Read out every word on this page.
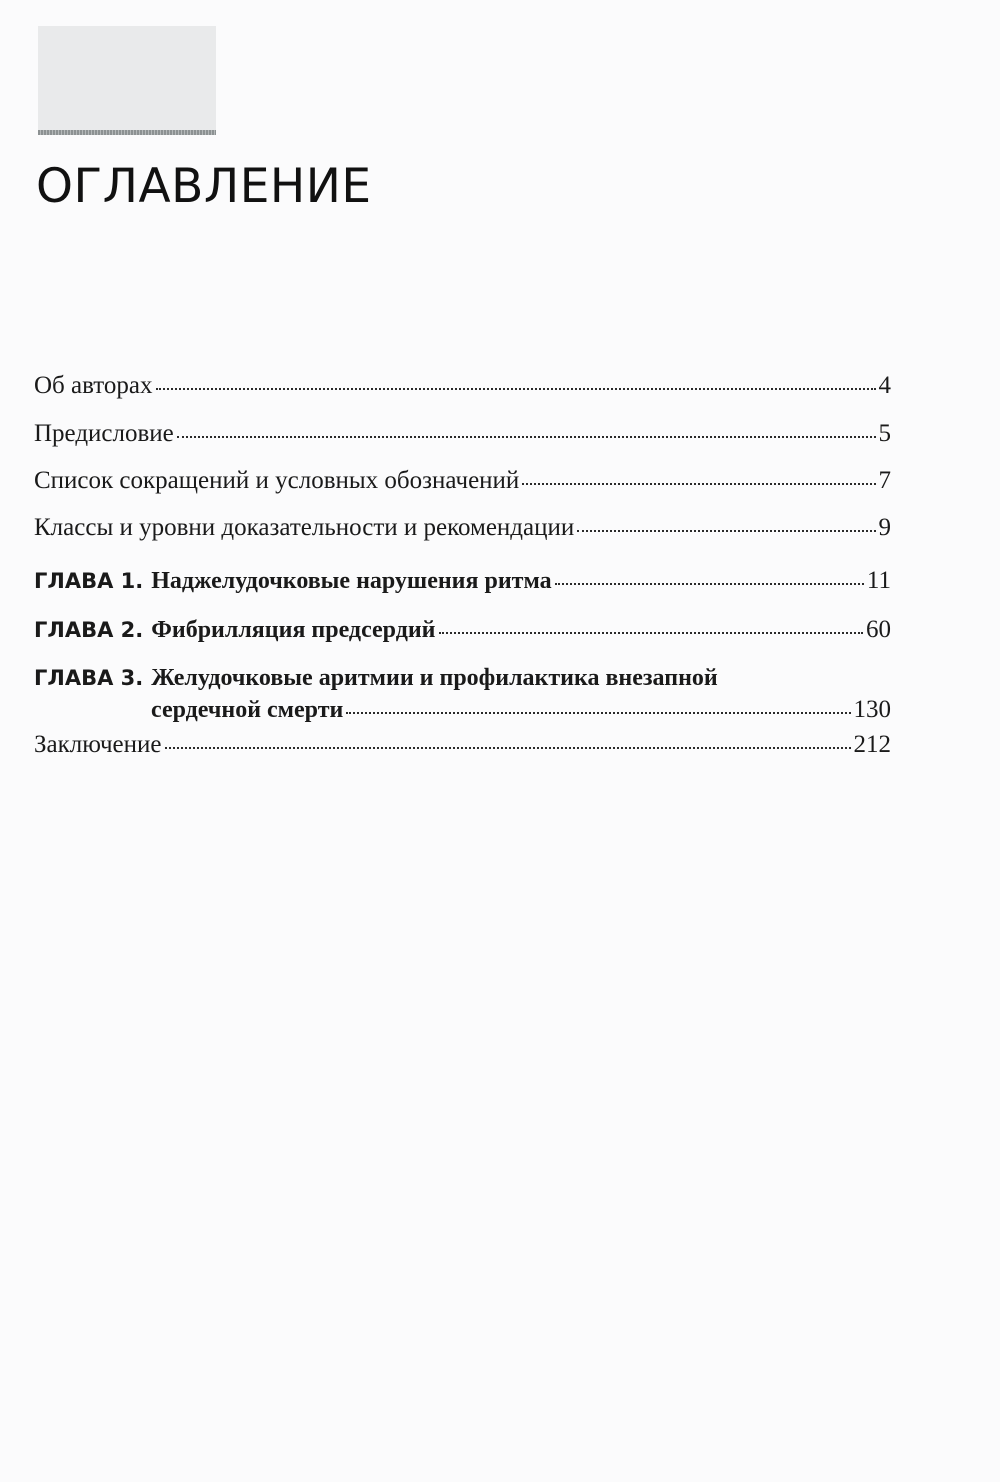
ОГЛАВЛЕНИЕ
Об авторах	4
Предисловие	5
Список сокращений и условных обозначений	7
Классы и уровни доказательности и рекомендации	9
ГЛАВА 1. Наджелудочковые нарушения ритма	11
ГЛАВА 2. Фибрилляция предсердий	60
ГЛАВА 3. Желудочковые аритмии и профилактика внезапной
сердечной смерти	130
Заключение	212
